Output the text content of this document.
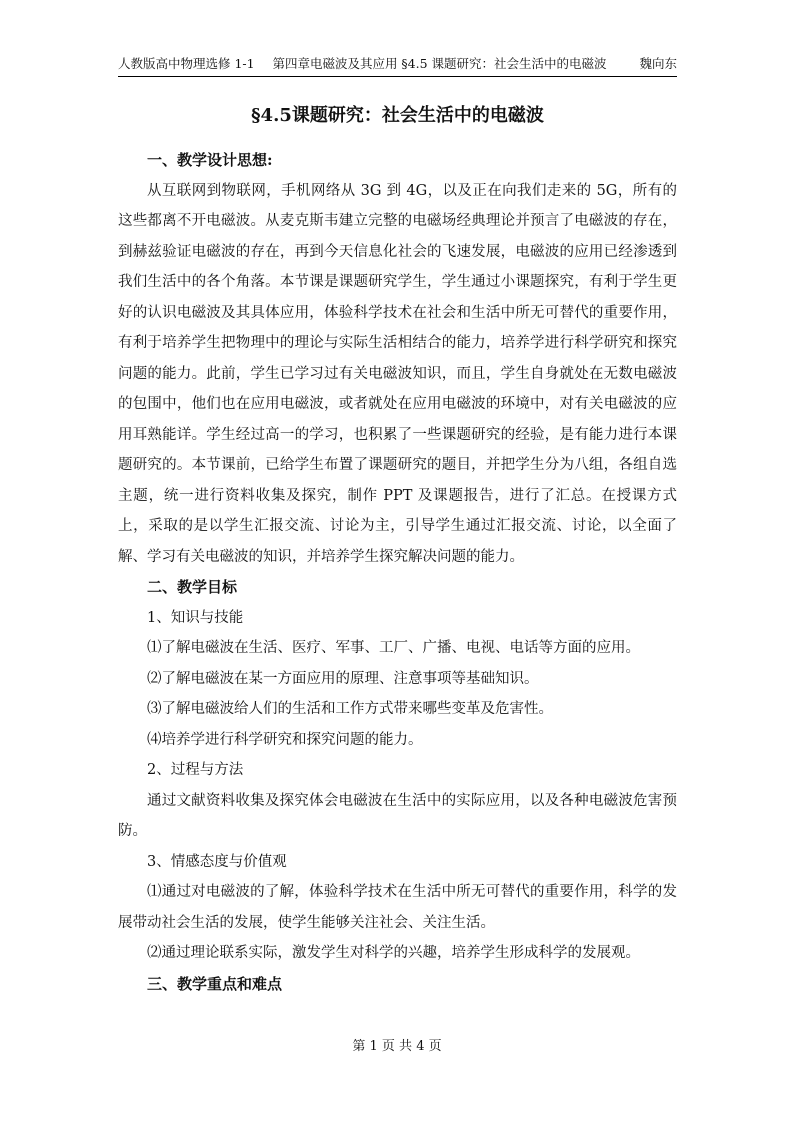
人教版高中物理选修 1-1	第四章电磁波及其应用 §4.5 课题研究：社会生活中的电磁波	魏向东
§4.5课题研究：社会生活中的电磁波

一、教学设计思想:

从互联网到物联网，手机网络从 3G 到 4G，以及正在向我们走来的 5G，所有的这些都离不开电磁波。从麦克斯韦建立完整的电磁场经典理论并预言了电磁波的存在，到赫兹验证电磁波的存在，再到今天信息化社会的飞速发展，电磁波的应用已经渗透到我们生活中的各个角落。本节课是课题研究学生，学生通过小课题探究，有利于学生更好的认识电磁波及其具体应用，体验科学技术在社会和生活中所无可替代的重要作用，有利于培养学生把物理中的理论与实际生活相结合的能力，培养学进行科学研究和探究问题的能力。此前，学生已学习过有关电磁波知识，而且，学生自身就处在无数电磁波的包围中，他们也在应用电磁波，或者就处在应用电磁波的环境中，对有关电磁波的应用耳熟能详。学生经过高一的学习，也积累了一些课题研究的经验，是有能力进行本课题研究的。本节课前，已给学生布置了课题研究的题目，并把学生分为八组，各组自选主题，统一进行资料收集及探究，制作 PPT 及课题报告，进行了汇总。在授课方式上，采取的是以学生汇报交流、讨论为主，引导学生通过汇报交流、讨论，以全面了解、学习有关电磁波的知识，并培养学生探究解决问题的能力。

二、教学目标

1、知识与技能

⑴了解电磁波在生活、医疗、军事、工厂、广播、电视、电话等方面的应用。

⑵了解电磁波在某一方面应用的原理、注意事项等基础知识。

⑶了解电磁波给人们的生活和工作方式带来哪些变革及危害性。

⑷培养学进行科学研究和探究问题的能力。

2、过程与方法

通过文献资料收集及探究体会电磁波在生活中的实际应用，以及各种电磁波危害预防。

3、情感态度与价值观

⑴通过对电磁波的了解，体验科学技术在生活中所无可替代的重要作用，科学的发展带动社会生活的发展，使学生能够关注社会、关注生活。

⑵通过理论联系实际，激发学生对科学的兴趣，培养学生形成科学的发展观。

三、教学重点和难点

第 1 页 共 4 页
